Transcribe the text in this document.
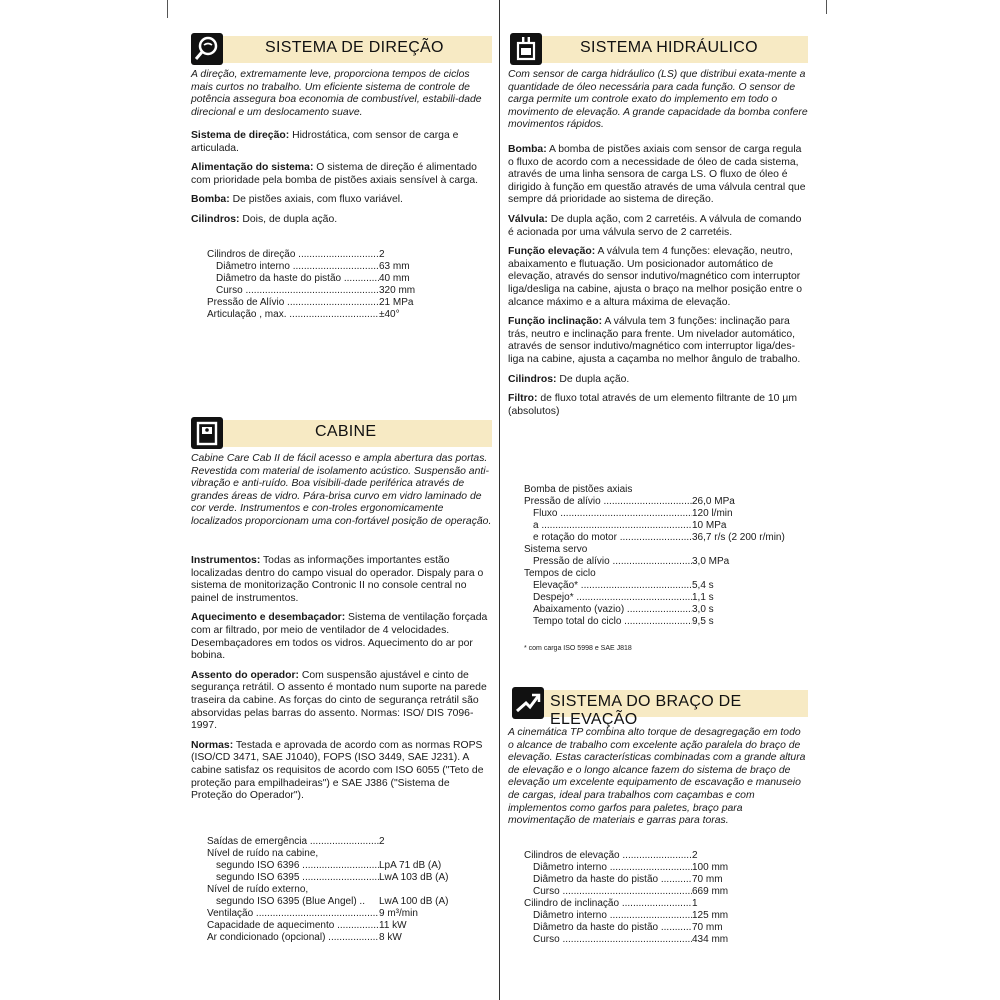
SISTEMA DE DIREÇÃO
A direção, extremamente leve, proporciona tempos de ciclos mais curtos no trabalho. Um eficiente sistema de controle de potência assegura boa economia de combustível, estabili-dade direcional e um deslocamento suave.

Sistema de direção: Hidrostática, com sensor de carga e articulada.

Alimentação do sistema: O sistema de direção é alimentado com prioridade pela bomba de pistões axiais sensível à carga.

Bomba: De pistões axiais, com fluxo variável.

Cilindros: Dois, de dupla ação.

Cilindros de direção .....	2
Diâmetro interno .....	63 mm
Diâmetro da haste do pistão .....	40 mm
Curso .....	320 mm
Pressão de Alívio .....	21 MPa
Articulação , max. .....	±40°
CABINE
Cabine Care Cab II de fácil acesso e ampla abertura das portas. Revestida com material de isolamento acústico. Suspensão anti-vibração e anti-ruído. Boa visibili-dade periférica através de grandes áreas de vidro. Pára-brisa curvo em vidro laminado de cor verde. Instrumentos e con-troles ergonomicamente localizados proporcionam uma con-fortável posição de operação.

Instrumentos: Todas as informações importantes estão localizadas dentro do campo visual do operador. Dispaly para o sistema de monitorização Contronic II no console central no painel de instrumentos.

Aquecimento e desembaçador: Sistema de ventilação forçada com ar filtrado, por meio de ventilador de 4 velocidades. Desembaçadores em todos os vidros. Aquecimento do ar por bobina.

Assento do operador: Com suspensão ajustável e cinto de segurança retrátil. O assento é montado num suporte na parede traseira da cabine. As forças do cinto de segurança retrátil são absorvidas pelas barras do assento. Normas: ISO/ DIS 7096-1997.

Normas: Testada e aprovada de acordo com as normas ROPS (ISO/CD 3471, SAE J1040), FOPS (ISO 3449, SAE J231). A cabine satisfaz os requisitos de acordo com ISO 6055 ("Teto de proteção para empilhadeiras") e SAE J386 ("Sistema de Proteção do Operador").

Saídas de emergência .....	2
Nível de ruído na cabine,
segundo ISO 6396 .....	LpA 71 dB (A)
segundo ISO 6395 .....	LwA 103 dB (A)
Nível de ruído externo,
segundo ISO 6395 (Blue Angel) ..	LwA 100 dB (A)
Ventilação .....	9 m³/min
Capacidade de aquecimento .....	11 kW
Ar condicionado (opcional) .....	8 kW
SISTEMA HIDRÁULICO
Com sensor de carga hidráulico (LS) que distribui exata-mente a quantidade de óleo necessária para cada função. O sensor de carga permite um controle exato do implemento em todo o movimento de elevação. A grande capacidade da bomba confere movimentos rápidos.

Bomba: A bomba de pistões axiais com sensor de carga regula o fluxo de acordo com a necessidade de óleo de cada sistema, através de uma linha sensora de carga LS. O fluxo de óleo é dirigido à função em questão através de uma válvula central que sempre dá prioridade ao sistema de direção.

Válvula: De dupla ação, com 2 carretéis. A válvula de comando é acionada por uma válvula servo de 2 carretéis.

Função elevação: A válvula tem 4 funções: elevação, neutro, abaixamento e flutuação. Um posicionador automático de elevação, através do sensor indutivo/magnético com interruptor liga/desliga na cabine, ajusta o braço na melhor posição entre o alcance máximo e a altura máxima de elevação.

Função inclinação: A válvula tem 3 funções: inclinação para trás, neutro e inclinação para frente. Um nivelador automático, através de sensor indutivo/magnético com interruptor liga/des-liga na cabine, ajusta a caçamba no melhor ângulo de trabalho.

Cilindros: De dupla ação.

Filtro: de fluxo total através de um elemento filtrante de 10 µm (absolutos)

Bomba de pistões axiais
Pressão de alívio .....	26,0 MPa
Fluxo .....	120 l/min
a .....	10 MPa
e rotação do motor .....	36,7 r/s (2 200 r/min)
Sistema servo
Pressão de alívio .....	3,0 MPa
Tempos de ciclo
Elevação* .....	5,4 s
Despejo* .....	1,1 s
Abaixamento (vazio) .....	3,0 s
Tempo total do ciclo .....	9,5 s
* com carga ISO 5998 e SAE J818
SISTEMA DO BRAÇO DE ELEVAÇÃO
A cinemática TP combina alto torque de desagregação em todo o alcance de trabalho com excelente ação paralela do braço de elevação. Estas características combinadas com a grande altura de elevação e o longo alcance fazem do sistema de braço de elevação um excelente equipamento de escavação e manuseio de cargas, ideal para trabalhos com caçambas e com implementos como garfos para paletes, braço para movimentação de materiais e garras para toras.
Cilindros de elevação .....	2
Diâmetro interno .....	100 mm
Diâmetro da haste do pistão .....	70 mm
Curso .....	669 mm
Cilindro de inclinação .....	1
Diâmetro interno .....	125 mm
Diâmetro da haste do pistão .....	70 mm
Curso .....	434 mm
